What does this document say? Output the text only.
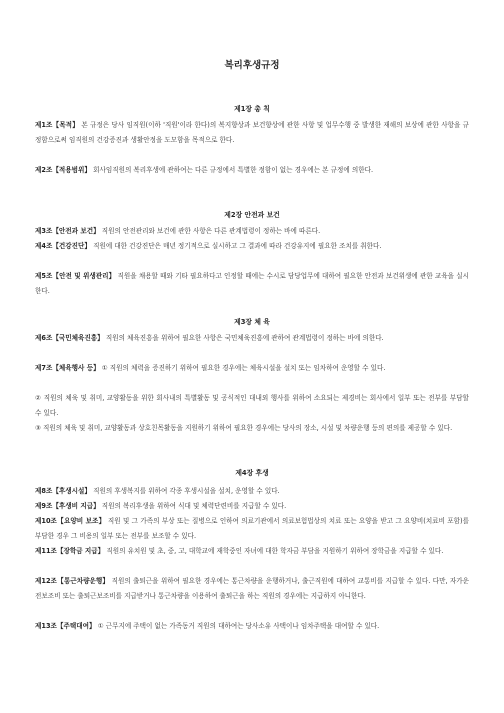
복리후생규정
제1장 총 칙
제1조【목적】 본 규정은 당사 임직원(이하 '직원'이라 한다)의 복지향상과 보건향상에 관한 사항 및 업무수행 중 발생한 재해의 보상에 관한 사항을 규정함으로써 임직원의 건강증진과 생활안정을 도모함을 목적으로 한다.
제2조【적용범위】 회사임직원의 복리후생에 관하여는 다른 규정에서 특별한 정함이 없는 경우에는 본 규정에 의한다.
제2장 안전과 보건
제3조【안전과 보건】 직원의 안전관리와 보건에 관한 사항은 다른 관계법령이 정하는 바에 따른다.
제4조【건강진단】 직원에 대한 건강진단은 매년 정기적으로 실시하고 그 결과에 따라 건강유지에 필요한 조치를 취한다.
제5조【안전 및 위생관리】 직원을 채용할 때와 기타 필요하다고 인정할 때에는 수시로 담당업무에 대하여 필요한 안전과 보건위생에 관한 교육을 실시한다.
제3장 체 육
제6조【국민체육진흥】 직원의 체육진흥을 위하여 필요한 사항은 국민체육진흥에 관하여 관계법령이 정하는 바에 의한다.
제7조【체육행사 등】 ① 직원의 체력을 증진하기 위하여 필요한 경우에는 체육시설을 설치 또는 임차하여 운영할 수 있다.
② 직원의 체육 및 취미, 교양활동을 위한 회사내의 특별활동 및 공식적인 대내외 행사를 위하여 소요되는 제경비는 회사에서 일부 또는 전부를 부담할 수 있다.
③ 직원의 체육 및 취미, 교양활동과 상호친목활동을 지원하기 위하여 필요한 경우에는 당사의 장소, 시설 및 차량운행 등의 편의를 제공할 수 있다.
제4장 후생
제8조【후생시설】 직원의 후생복지를 위하여 각종 후생시설을 설치, 운영할 수 있다.
제9조【후생비 지급】 직원의 복리후생을 위하여 식대 및 체력단련비를 지급할 수 있다.
제10조【요양비 보조】 직원 및 그 가족의 부상 또는 질병으로 인하여 의료기관에서 의료보험법상의 치료 또는 요양을 받고 그 요양비(치료비 포함)를 부담한 경우 그 비용의 일부 또는 전부를 보조할 수 있다.
제11조【장학금 지급】 직원의 유치원 및 초, 중, 고, 대학교에 재학중인 자녀에 대한 학자금 부담을 지원하기 위하여 장학금을 지급할 수 있다.
제12조【통근차량운행】 직원의 출퇴근을 위하여 필요한 경우에는 통근차량을 운행하거나, 출근직원에 대하여 교통비를 지급할 수 있다. 다만, 자가운전보조비 또는 출퇴근보조비를 지급받거나 통근차량을 이용하여 출퇴근을 하는 직원의 경우에는 지급하지 아니한다.
제13조【주택대여】 ① 근무지에 주택이 없는 가족동거 직원의 대하여는 당사소유 사택이나 임차주택을 대여할 수 있다.
